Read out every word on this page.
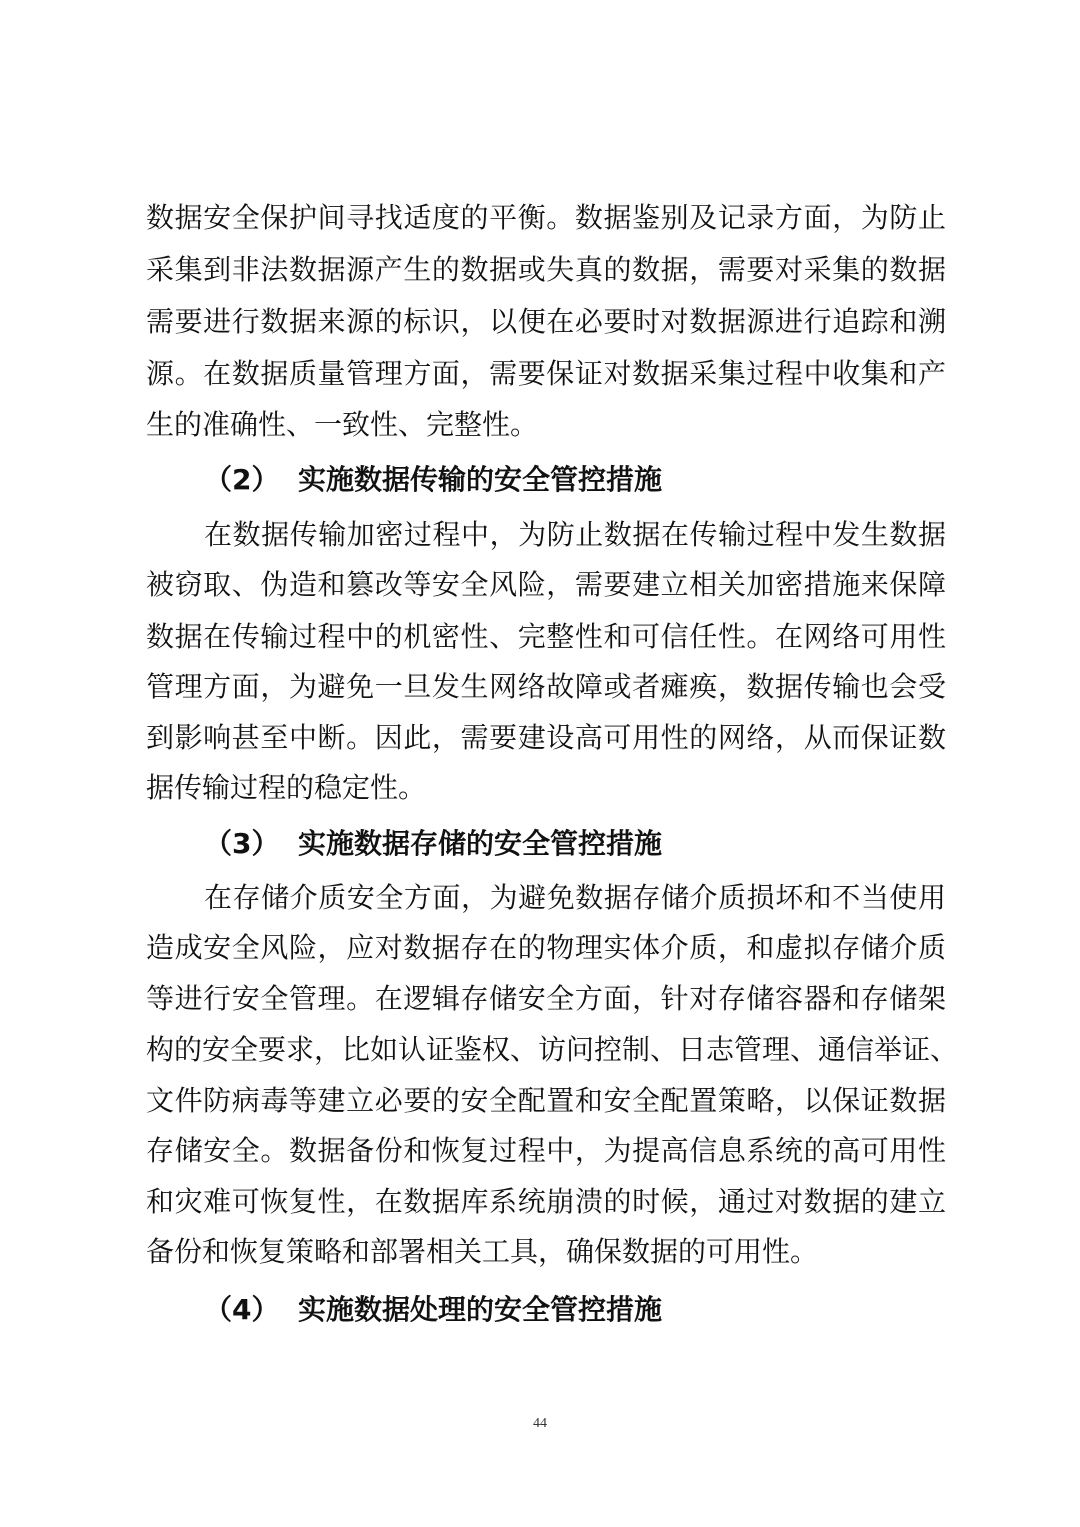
数据安全保护间寻找适度的平衡。数据鉴别及记录方面，为防止
采集到非法数据源产生的数据或失真的数据，需要对采集的数据
需要进行数据来源的标识，以便在必要时对数据源进行追踪和溯
源。在数据质量管理方面，需要保证对数据采集过程中收集和产
生的准确性、一致性、完整性。
（2） 实施数据传输的安全管控措施
在数据传输加密过程中，为防止数据在传输过程中发生数据
被窃取、伪造和篡改等安全风险，需要建立相关加密措施来保障
数据在传输过程中的机密性、完整性和可信任性。在网络可用性
管理方面，为避免一旦发生网络故障或者瘫痪，数据传输也会受
到影响甚至中断。因此，需要建设高可用性的网络，从而保证数
据传输过程的稳定性。
（3） 实施数据存储的安全管控措施
在存储介质安全方面，为避免数据存储介质损坏和不当使用
造成安全风险，应对数据存在的物理实体介质，和虚拟存储介质
等进行安全管理。在逻辑存储安全方面，针对存储容器和存储架
构的安全要求，比如认证鉴权、访问控制、日志管理、通信举证、
文件防病毒等建立必要的安全配置和安全配置策略，以保证数据
存储安全。数据备份和恢复过程中，为提高信息系统的高可用性
和灾难可恢复性，在数据库系统崩溃的时候，通过对数据的建立
备份和恢复策略和部署相关工具，确保数据的可用性。
（4） 实施数据处理的安全管控措施
44
